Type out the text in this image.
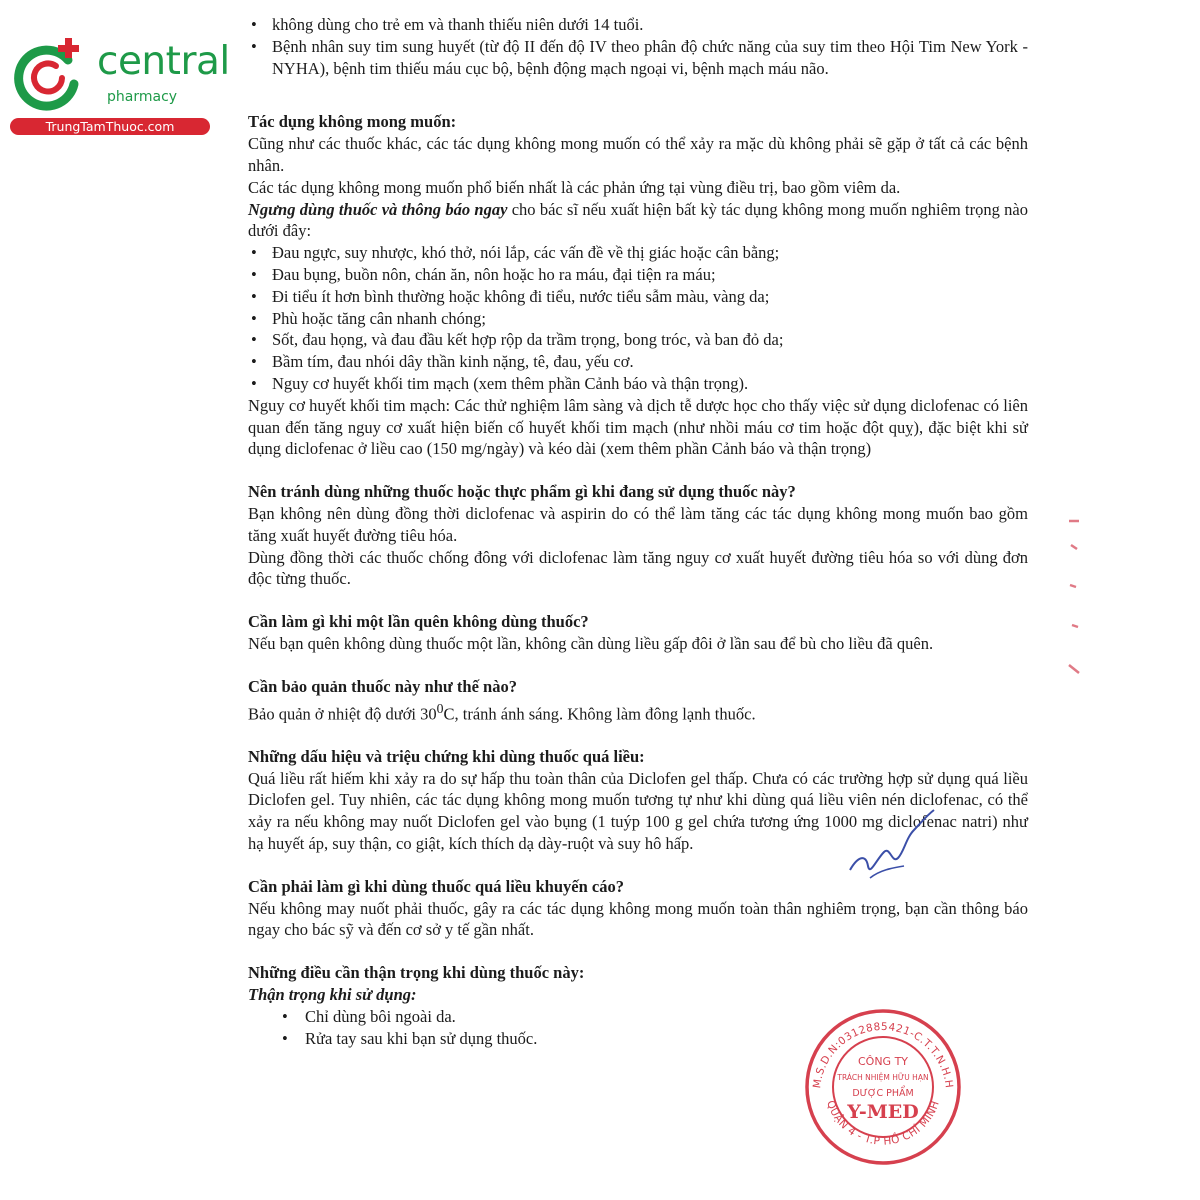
central
pharmacy
TrungTamThuoc.com
• không dùng cho trẻ em và thanh thiếu niên dưới 14 tuổi.
• Bệnh nhân suy tim sung huyết (từ độ II đến độ IV theo phân độ chức năng của suy tim theo Hội Tim New York - NYHA), bệnh tim thiếu máu cục bộ, bệnh động mạch ngoại vi, bệnh mạch máu não.
Tác dụng không mong muốn:

Cũng như các thuốc khác, các tác dụng không mong muốn có thể xảy ra mặc dù không phải sẽ gặp ở tất cả các bệnh nhân.

Các tác dụng không mong muốn phổ biến nhất là các phản ứng tại vùng điều trị, bao gồm viêm da.

Ngưng dùng thuốc và thông báo ngay cho bác sĩ nếu xuất hiện bất kỳ tác dụng không mong muốn nghiêm trọng nào dưới đây:

• Đau ngực, suy nhược, khó thở, nói lắp, các vấn đề về thị giác hoặc cân bằng;
• Đau bụng, buồn nôn, chán ăn, nôn hoặc ho ra máu, đại tiện ra máu;
• Đi tiểu ít hơn bình thường hoặc không đi tiểu, nước tiểu sẫm màu, vàng da;
• Phù hoặc tăng cân nhanh chóng;
• Sốt, đau họng, và đau đầu kết hợp rộp da trầm trọng, bong tróc, và ban đỏ da;
• Bầm tím, đau nhói dây thần kinh nặng, tê, đau, yếu cơ.
• Nguy cơ huyết khối tim mạch (xem thêm phần Cảnh báo và thận trọng).

Nguy cơ huyết khối tim mạch: Các thử nghiệm lâm sàng và dịch tễ dược học cho thấy việc sử dụng diclofenac có liên quan đến tăng nguy cơ xuất hiện biến cố huyết khối tim mạch (như nhồi máu cơ tim hoặc đột quỵ), đặc biệt khi sử dụng diclofenac ở liều cao (150 mg/ngày) và kéo dài (xem thêm phần Cảnh báo và thận trọng)

Nên tránh dùng những thuốc hoặc thực phẩm gì khi đang sử dụng thuốc này?

Bạn không nên dùng đồng thời diclofenac và aspirin do có thể làm tăng các tác dụng không mong muốn bao gồm tăng xuất huyết đường tiêu hóa.

Dùng đồng thời các thuốc chống đông với diclofenac làm tăng nguy cơ xuất huyết đường tiêu hóa so với dùng đơn độc từng thuốc.

Cần làm gì khi một lần quên không dùng thuốc?

Nếu bạn quên không dùng thuốc một lần, không cần dùng liều gấp đôi ở lần sau để bù cho liều đã quên.

Cần bảo quản thuốc này như thế nào?

Bảo quản ở nhiệt độ dưới $30^0C$, tránh ánh sáng. Không làm đông lạnh thuốc.

Những dấu hiệu và triệu chứng khi dùng thuốc quá liều:

Quá liều rất hiếm khi xảy ra do sự hấp thu toàn thân của Diclofen gel thấp. Chưa có các trường hợp sử dụng quá liều Diclofen gel. Tuy nhiên, các tác dụng không mong muốn tương tự như khi dùng quá liều viên nén diclofenac, có thể xảy ra nếu không may nuốt Diclofen gel vào bụng (1 tuýp 100 g gel chứa tương ứng 1000 mg diclofenac natri) như hạ huyết áp, suy thận, co giật, kích thích dạ dày-ruột và suy hô hấp.

Cần phải làm gì khi dùng thuốc quá liều khuyến cáo?

Nếu không may nuốt phải thuốc, gây ra các tác dụng không mong muốn toàn thân nghiêm trọng, bạn cần thông báo ngay cho bác sỹ và đến cơ sở y tế gần nhất.

Những điều cần thận trọng khi dùng thuốc này:
Thận trọng khi sử dụng:
• Chỉ dùng bôi ngoài da.
• Rửa tay sau khi bạn sử dụng thuốc.
M.S.D.N:0312885421-C.T.T.N.H.H
QUẬN 4 - T.P HỒ CHÍ MINH
CÔNG TY
TRÁCH NHIỆM HỮU HẠN
DƯỢC PHẨM
Y-MED
